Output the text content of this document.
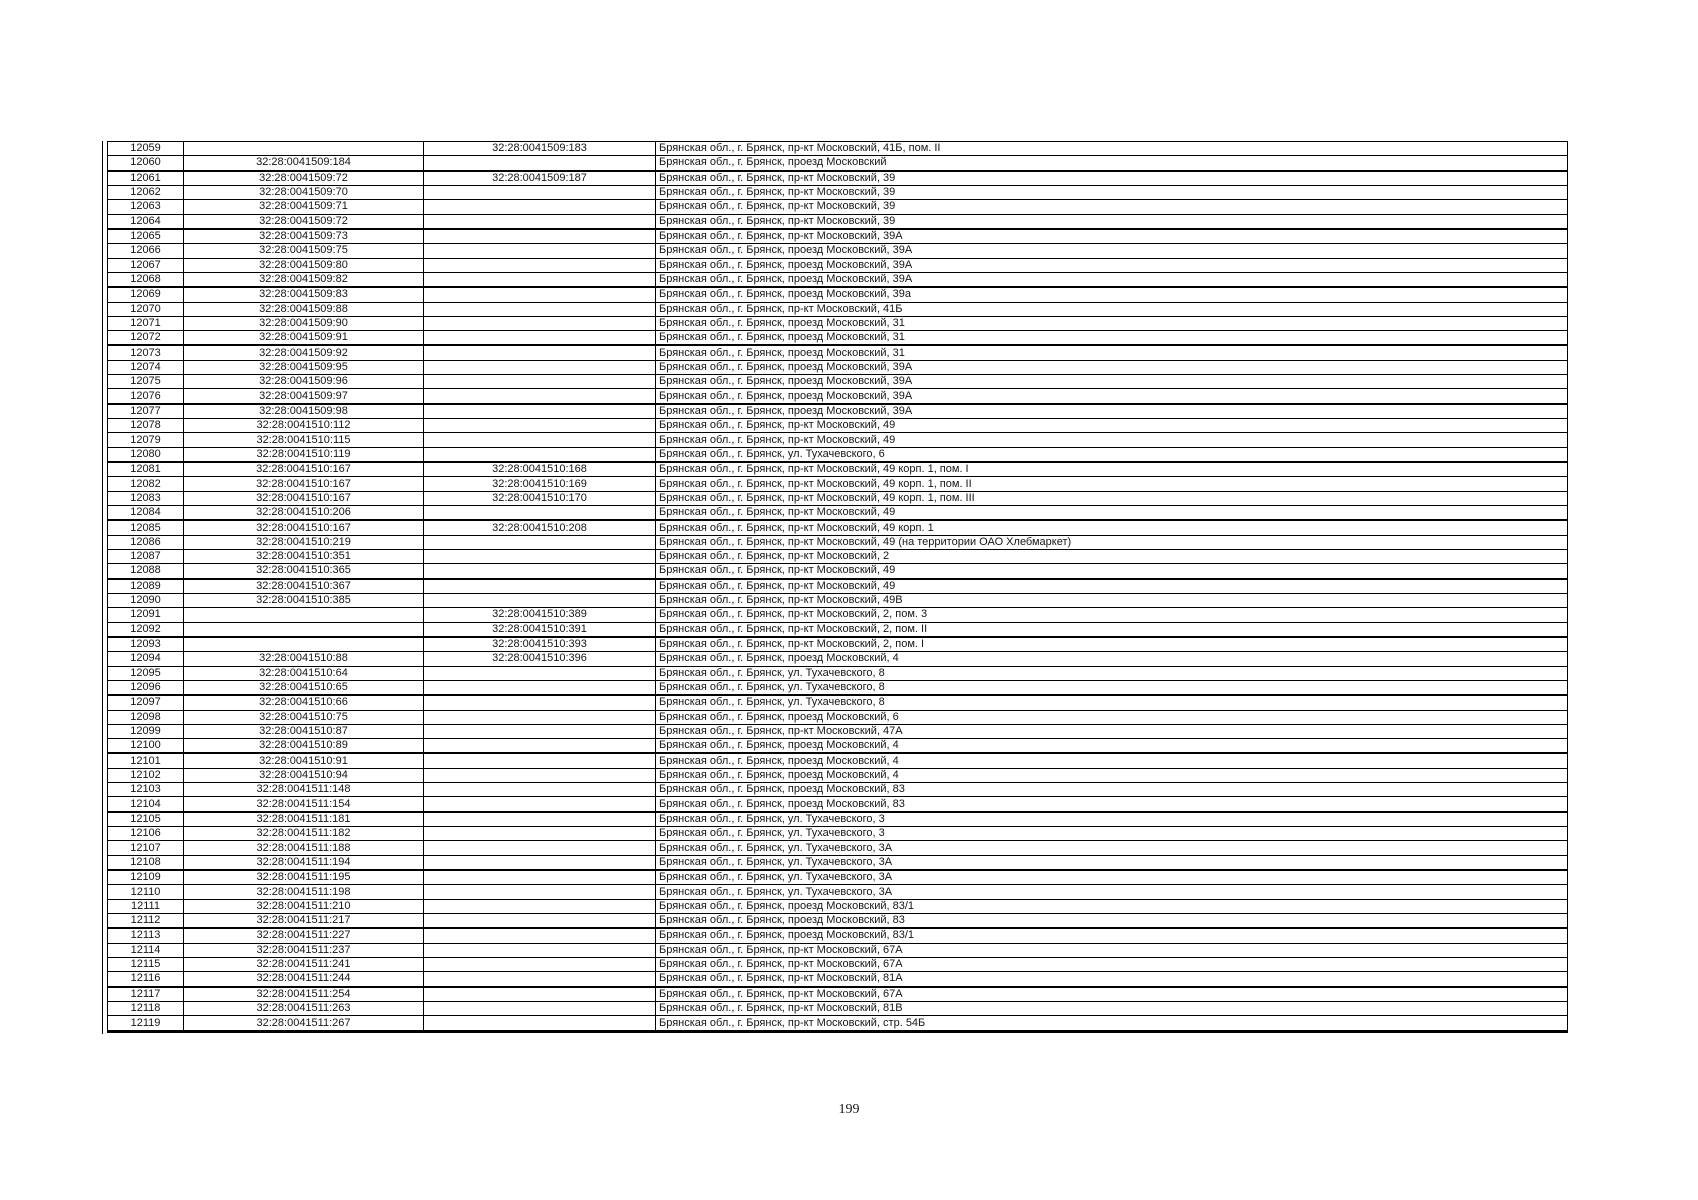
12059		32:28:0041509:183	Брянская обл., г. Брянск, пр-кт Московский, 41Б, пом. II
12060	32:28:0041509:184		Брянская обл., г. Брянск, проезд Московский
12061	32:28:0041509:72	32:28:0041509:187	Брянская обл., г. Брянск, пр-кт Московский, 39
12062	32:28:0041509:70		Брянская обл., г. Брянск, пр-кт Московский, 39
12063	32:28:0041509:71		Брянская обл., г. Брянск, пр-кт Московский, 39
12064	32:28:0041509:72		Брянская обл., г. Брянск, пр-кт Московский, 39
12065	32:28:0041509:73		Брянская обл., г. Брянск, пр-кт Московский, 39А
12066	32:28:0041509:75		Брянская обл., г. Брянск, проезд Московский, 39А
12067	32:28:0041509:80		Брянская обл., г. Брянск, проезд Московский, 39А
12068	32:28:0041509:82		Брянская обл., г. Брянск, проезд Московский, 39А
12069	32:28:0041509:83		Брянская обл., г. Брянск, проезд Московский, 39а
12070	32:28:0041509:88		Брянская обл., г. Брянск, пр-кт Московский, 41Б
12071	32:28:0041509:90		Брянская обл., г. Брянск, проезд Московский, 31
12072	32:28:0041509:91		Брянская обл., г. Брянск, проезд Московский, 31
12073	32:28:0041509:92		Брянская обл., г. Брянск, проезд Московский, 31
12074	32:28:0041509:95		Брянская обл., г. Брянск, проезд Московский, 39А
12075	32:28:0041509:96		Брянская обл., г. Брянск, проезд Московский, 39А
12076	32:28:0041509:97		Брянская обл., г. Брянск, проезд Московский, 39А
12077	32:28:0041509:98		Брянская обл., г. Брянск, проезд Московский, 39А
12078	32:28:0041510:112		Брянская обл., г. Брянск, пр-кт Московский, 49
12079	32:28:0041510:115		Брянская обл., г. Брянск, пр-кт Московский, 49
12080	32:28:0041510:119		Брянская обл., г. Брянск, ул. Тухачевского, 6
12081	32:28:0041510:167	32:28:0041510:168	Брянская обл., г. Брянск, пр-кт Московский, 49 корп. 1, пом. I
12082	32:28:0041510:167	32:28:0041510:169	Брянская обл., г. Брянск, пр-кт Московский, 49 корп. 1, пом. II
12083	32:28:0041510:167	32:28:0041510:170	Брянская обл., г. Брянск, пр-кт Московский, 49 корп. 1, пом. III
12084	32:28:0041510:206		Брянская обл., г. Брянск, пр-кт Московский, 49
12085	32:28:0041510:167	32:28:0041510:208	Брянская обл., г. Брянск, пр-кт Московский, 49 корп. 1
12086	32:28:0041510:219		Брянская обл., г. Брянск, пр-кт Московский, 49 (на территории ОАО Хлебмаркет)
12087	32:28:0041510:351		Брянская обл., г. Брянск, пр-кт Московский, 2
12088	32:28:0041510:365		Брянская обл., г. Брянск, пр-кт Московский, 49
12089	32:28:0041510:367		Брянская обл., г. Брянск, пр-кт Московский, 49
12090	32:28:0041510:385		Брянская обл., г. Брянск, пр-кт Московский, 49В
12091		32:28:0041510:389	Брянская обл., г. Брянск, пр-кт Московский, 2, пом. 3
12092		32:28:0041510:391	Брянская обл., г. Брянск, пр-кт Московский, 2, пом. II
12093		32:28:0041510:393	Брянская обл., г. Брянск, пр-кт Московский, 2, пом. I
12094	32:28:0041510:88	32:28:0041510:396	Брянская обл., г. Брянск, проезд Московский, 4
12095	32:28:0041510:64		Брянская обл., г. Брянск, ул. Тухачевского, 8
12096	32:28:0041510:65		Брянская обл., г. Брянск, ул. Тухачевского, 8
12097	32:28:0041510:66		Брянская обл., г. Брянск, ул. Тухачевского, 8
12098	32:28:0041510:75		Брянская обл., г. Брянск, проезд Московский, 6
12099	32:28:0041510:87		Брянская обл., г. Брянск, пр-кт Московский, 47А
12100	32:28:0041510:89		Брянская обл., г. Брянск, проезд Московский, 4
12101	32:28:0041510:91		Брянская обл., г. Брянск, проезд Московский, 4
12102	32:28:0041510:94		Брянская обл., г. Брянск, проезд Московский, 4
12103	32:28:0041511:148		Брянская обл., г. Брянск, проезд Московский, 83
12104	32:28:0041511:154		Брянская обл., г. Брянск, проезд Московский, 83
12105	32:28:0041511:181		Брянская обл., г. Брянск, ул. Тухачевского, 3
12106	32:28:0041511:182		Брянская обл., г. Брянск, ул. Тухачевского, 3
12107	32:28:0041511:188		Брянская обл., г. Брянск, ул. Тухачевского, 3А
12108	32:28:0041511:194		Брянская обл., г. Брянск, ул. Тухачевского, 3А
12109	32:28:0041511:195		Брянская обл., г. Брянск, ул. Тухачевского, 3А
12110	32:28:0041511:198		Брянская обл., г. Брянск, ул. Тухачевского, 3А
12111	32:28:0041511:210		Брянская обл., г. Брянск, проезд Московский, 83/1
12112	32:28:0041511:217		Брянская обл., г. Брянск, проезд Московский, 83
12113	32:28:0041511:227		Брянская обл., г. Брянск, проезд Московский, 83/1
12114	32:28:0041511:237		Брянская обл., г. Брянск, пр-кт Московский, 67А
12115	32:28:0041511:241		Брянская обл., г. Брянск, пр-кт Московский, 67А
12116	32:28:0041511:244		Брянская обл., г. Брянск, пр-кт Московский, 81А
12117	32:28:0041511:254		Брянская обл., г. Брянск, пр-кт Московский, 67А
12118	32:28:0041511:263		Брянская обл., г. Брянск, пр-кт Московский, 81В
12119	32:28:0041511:267		Брянская обл., г. Брянск, пр-кт Московский, стр. 54Б
199
